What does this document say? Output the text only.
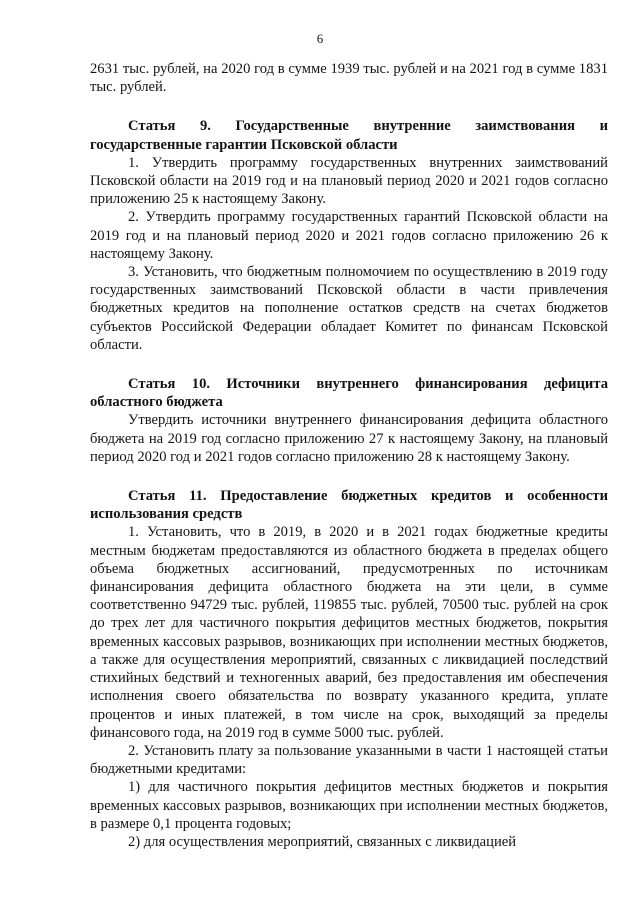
6

2631 тыс. рублей, на 2020 год в сумме 1939 тыс. рублей и на 2021 год в сумме 1831 тыс. рублей.

Статья 9. Государственные внутренние заимствования и государственные гарантии Псковской области

1. Утвердить программу государственных внутренних заимствований Псковской области на 2019 год и на плановый период 2020 и 2021 годов согласно приложению 25 к настоящему Закону.

2. Утвердить программу государственных гарантий Псковской области на 2019 год и на плановый период 2020 и 2021 годов согласно приложению 26 к настоящему Закону.

3. Установить, что бюджетным полномочием по осуществлению в 2019 году государственных заимствований Псковской области в части привлечения бюджетных кредитов на пополнение остатков средств на счетах бюджетов субъектов Российской Федерации обладает Комитет по финансам Псковской области.

Статья 10. Источники внутреннего финансирования дефицита областного бюджета

Утвердить источники внутреннего финансирования дефицита областного бюджета на 2019 год согласно приложению 27 к настоящему Закону, на плановый период 2020 год и 2021 годов согласно приложению 28 к настоящему Закону.

Статья 11. Предоставление бюджетных кредитов и особенности использования средств

1. Установить, что в 2019, в 2020 и в 2021 годах бюджетные кредиты местным бюджетам предоставляются из областного бюджета в пределах общего объема бюджетных ассигнований, предусмотренных по источникам финансирования дефицита областного бюджета на эти цели, в сумме соответственно 94729 тыс. рублей, 119855 тыс. рублей, 70500 тыс. рублей на срок до трех лет для частичного покрытия дефицитов местных бюджетов, покрытия временных кассовых разрывов, возникающих при исполнении местных бюджетов, а также для осуществления мероприятий, связанных с ликвидацией последствий стихийных бедствий и техногенных аварий, без предоставления им обеспечения исполнения своего обязательства по возврату указанного кредита, уплате процентов и иных платежей, в том числе на срок, выходящий за пределы финансового года, на 2019 год в сумме 5000 тыс. рублей.

2. Установить плату за пользование указанными в части 1 настоящей статьи бюджетными кредитами:

1) для частичного покрытия дефицитов местных бюджетов и покрытия временных кассовых разрывов, возникающих при исполнении местных бюджетов, в размере 0,1 процента годовых;

2) для осуществления мероприятий, связанных с ликвидацией
